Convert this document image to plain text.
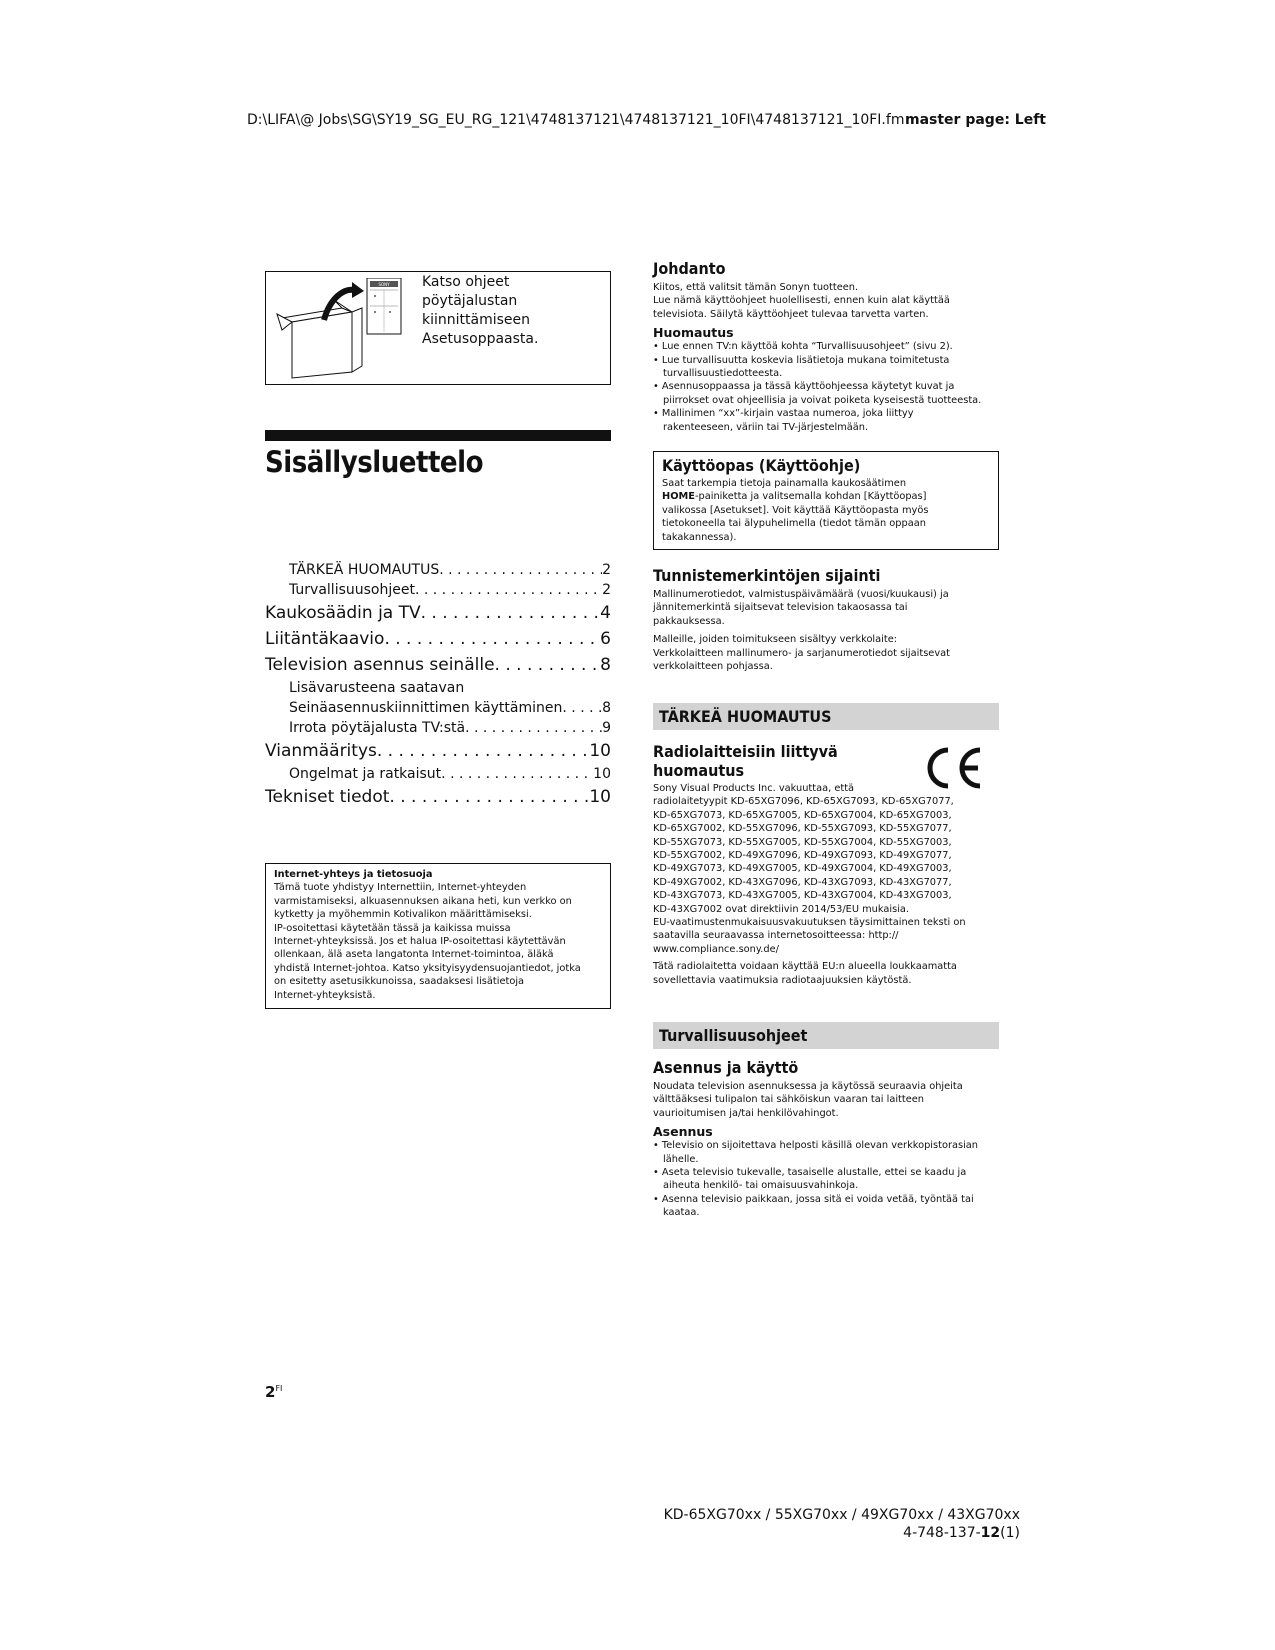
D:\LIFA\@ Jobs\SG\SY19_SG_EU_RG_121\4748137121\4748137121_10FI\4748137121_10FI.fm master page: Left
SONY Katso ohjeet pöytäjalustan
kiinnittämiseen
Asetusoppaasta.
Sisällysluettelo
TÄRKEÄ HUOMAUTUS . . .	2
Turvallisuusohjeet . . .	2
Kaukosäädin ja TV . . .	4
Liitäntäkaavio . . .	6
Television asennus seinälle . . .	8
Lisävarusteena saatavan
Seinäasennuskiinnittimen käyttäminen . . .	8
Irrota pöytäjalusta TV:stä . . .	9
Vianmääritys . . .	10
Ongelmat ja ratkaisut . . .	10
Tekniset tiedot . . .	10
Internet-yhteys ja tietosuoja
Tämä tuote yhdistyy Internettiin, Internet-yhteyden
varmistamiseksi, alkuasennuksen aikana heti, kun verkko on
kytketty ja myöhemmin Kotivalikon määrittämiseksi.
IP-osoitettasi käytetään tässä ja kaikissa muissa
Internet-yhteyksissä. Jos et halua IP-osoitettasi käytettävän
ollenkaan, älä aseta langatonta Internet-toimintoa, äläkä
yhdistä Internet-johtoa. Katso yksityisyydensuojantiedot, jotka
on esitetty asetusikkunoissa, saadaksesi lisätietoja
Internet-yhteyksistä.
$2^{FI}$
Johdanto
Kiitos, että valitsit tämän Sonyn tuotteen.
Lue nämä käyttöohjeet huolellisesti, ennen kuin alat käyttää
televisiota. Säilytä käyttöohjeet tulevaa tarvetta varten.
Huomautus
• Lue ennen TV:n käyttöä kohta “Turvallisuusohjeet” (sivu 2).
• Lue turvallisuutta koskevia lisätietoja mukana toimitetusta
turvallisuustiedotteesta.
• Asennusoppaassa ja tässä käyttöohjeessa käytetyt kuvat ja
piirrokset ovat ohjeellisia ja voivat poiketa kyseisestä tuotteesta.
• Mallinimen “xx”-kirjain vastaa numeroa, joka liittyy
rakenteeseen, väriin tai TV-järjestelmään.
Käyttöopas (Käyttöohje)
Saat tarkempia tietoja painamalla kaukosäätimen
HOME-painiketta ja valitsemalla kohdan [Käyttöopas]
valikossa [Asetukset]. Voit käyttää Käyttöopasta myös
tietokoneella tai älypuhelimella (tiedot tämän oppaan
takakannessa).
Tunnistemerkintöjen sijainti
Mallinumerotiedot, valmistuspäivämäärä (vuosi/kuukausi) ja
jännitemerkintä sijaitsevat television takaosassa tai
pakkauksessa.
Malleille, joiden toimitukseen sisältyy verkkolaite:
Verkkolaitteen mallinumero- ja sarjanumerotiedot sijaitsevat
verkkolaitteen pohjassa.
TÄRKEÄ HUOMAUTUS
CE
Radiolaitteisiin liittyvä
huomautus
Sony Visual Products Inc. vakuuttaa, että
radiolaitetyypit KD-65XG7096, KD-65XG7093, KD-65XG7077,
KD-65XG7073, KD-65XG7005, KD-65XG7004, KD-65XG7003,
KD-65XG7002, KD-55XG7096, KD-55XG7093, KD-55XG7077,
KD-55XG7073, KD-55XG7005, KD-55XG7004, KD-55XG7003,
KD-55XG7002, KD-49XG7096, KD-49XG7093, KD-49XG7077,
KD-49XG7073, KD-49XG7005, KD-49XG7004, KD-49XG7003,
KD-49XG7002, KD-43XG7096, KD-43XG7093, KD-43XG7077,
KD-43XG7073, KD-43XG7005, KD-43XG7004, KD-43XG7003,
KD-43XG7002 ovat direktiivin 2014/53/EU mukaisia.
EU-vaatimustenmukaisuusvakuutuksen täysimittainen teksti on
saatavilla seuraavassa internetosoitteessa: http://
www.compliance.sony.de/
Tätä radiolaitetta voidaan käyttää EU:n alueella loukkaamatta
sovellettavia vaatimuksia radiotaajuuksien käytöstä.
Turvallisuusohjeet
Asennus ja käyttö
Noudata television asennuksessa ja käytössä seuraavia ohjeita
välttääksesi tulipalon tai sähköiskun vaaran tai laitteen
vaurioitumisen ja/tai henkilövahingot.
Asennus
• Televisio on sijoitettava helposti käsillä olevan verkkopistorasian
lähelle.
• Aseta televisio tukevalle, tasaiselle alustalle, ettei se kaadu ja
aiheuta henkilö- tai omaisuusvahinkoja.
• Asenna televisio paikkaan, jossa sitä ei voida vetää, työntää tai
kaataa.
KD-65XG70xx / 55XG70xx / 49XG70xx / 43XG70xx
4-748-137-12(1)
